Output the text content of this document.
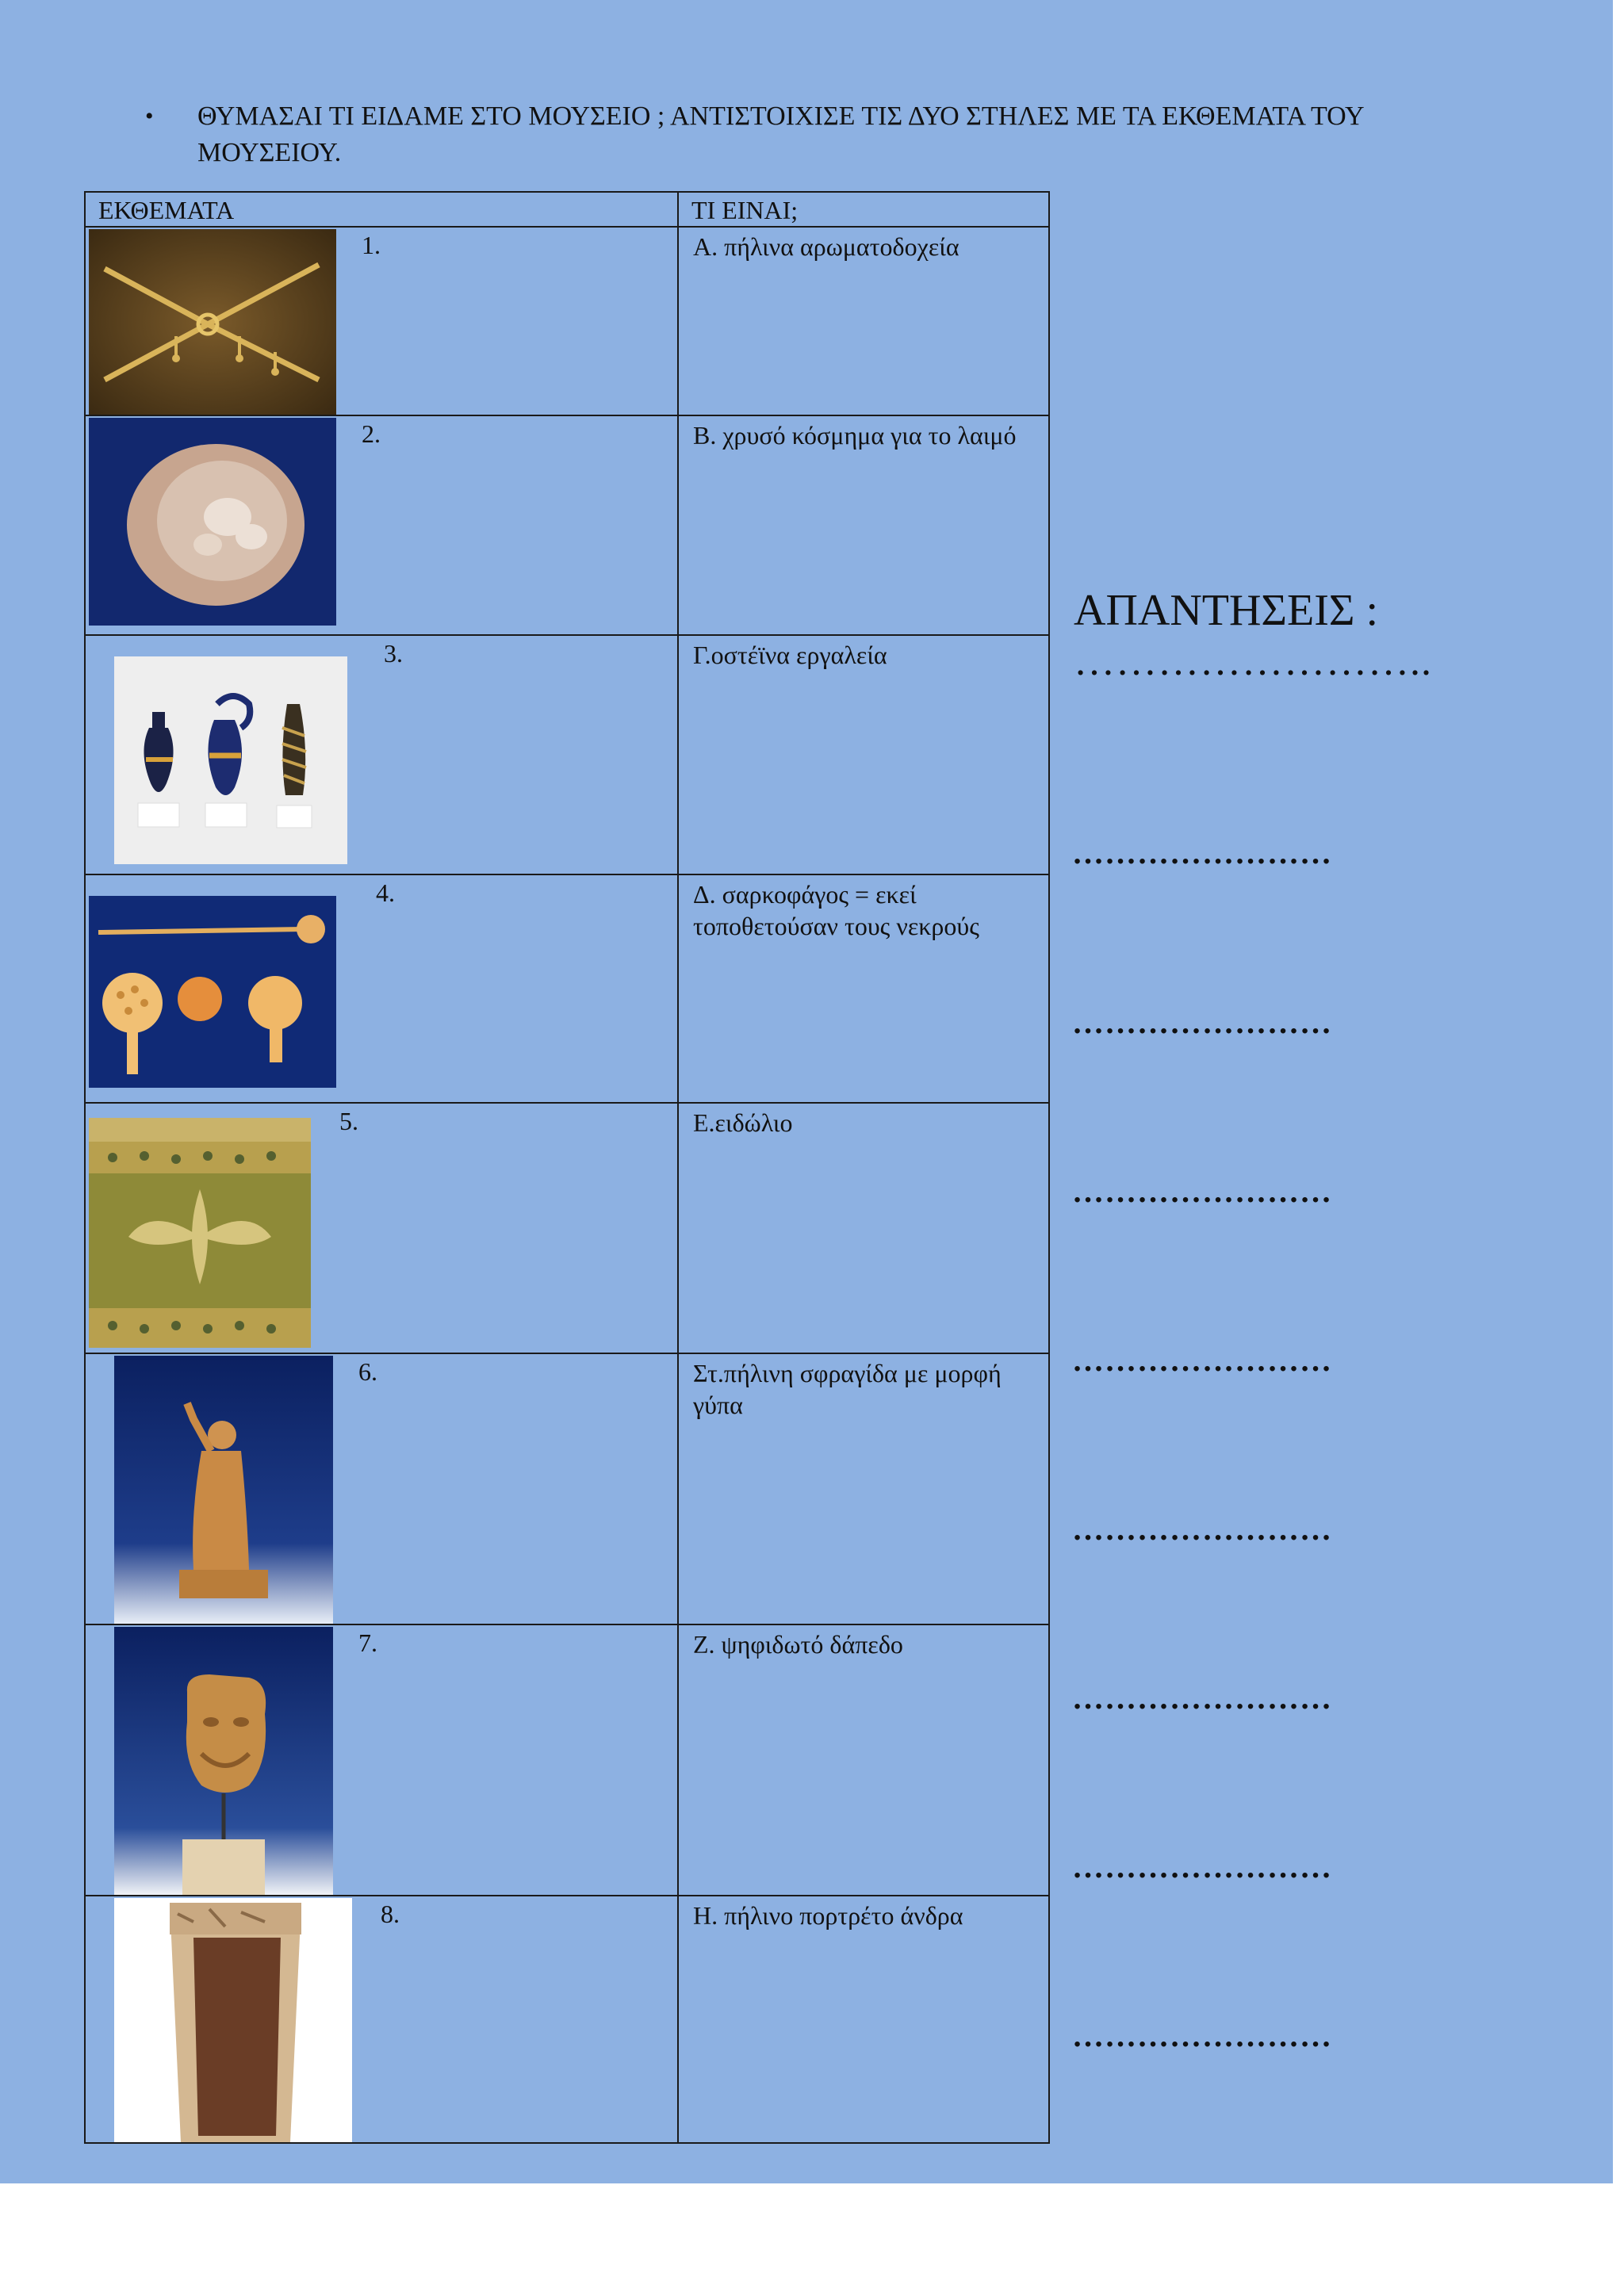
• ΘΥΜΑΣΑΙ ΤΙ ΕΙΔΑΜΕ ΣΤΟ ΜΟΥΣΕΙΟ ; ΑΝΤΙΣΤΟΙΧΙΣΕ ΤΙΣ ΔΥΟ ΣΤΗΛΕΣ ΜΕ ΤΑ ΕΚΘΕΜΑΤΑ ΤΟΥ ΜΟΥΣΕΙΟΥ.
ΕΚΘΕΜΑΤΑ	ΤΙ ΕΙΝΑΙ;

1.	Α. πήλινα αρωματοδοχεία

2.	Β. χρυσό κόσμημα για το λαιμό

3.	Γ.οστέϊνα εργαλεία

4.	Δ. σαρκοφάγος = εκεί τοποθετούσαν τους νεκρούς

5.	Ε.ειδώλιο

6.	Στ.πήλινη σφραγίδα με μορφή γύπα

7.	Ζ. ψηφιδωτό δάπεδο

8.	Η. πήλινο πορτρέτο άνδρα
ΑΠΑΝΤΗΣΕΙΣ :
……………………..
……………………
……………………
……………………
……………………
……………………
……………………
……………………
……………………
